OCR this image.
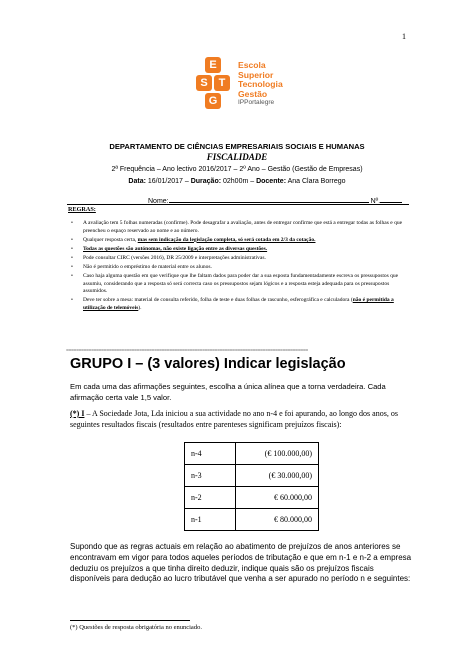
1
E
S T
G
Escola
Superior
Tecnologia
Gestão
IPPortalegre
DEPARTAMENTO DE CIÊNCIAS EMPRESARIAIS SOCIAIS E HUMANAS
FISCALIDADE
2ª Frequência – Ano lectivo 2016/2017 – 2º Ano – Gestão (Gestão de Empresas)
Data: 16/01/2017 – Duração: 02h00m – Docente: Ana Clara Borrego
Nome:	Nº.
REGRAS:
• A avaliação tem 5 folhas numeradas (confirme). Pode desagrafar a avaliação, antes de entregar confirme que está a entregar todas as folhas e que preencheu o espaço reservado ao nome e ao número.
• Qualquer resposta certa, mas sem indicação da legislação completa, só será cotada em 2/3 da cotação.
• Todas as questões são autónomas, não existe ligação entre as diversas questões.
• Pode consultar CIRC (versões 2016), DR 25/2009 e interpretações administrativas.
• Não é permitido o empréstimo de material entre os alunos.
• Caso haja alguma questão em que verifique que lhe faltam dados para poder dar a sua esposta fundamentadamente escreva os pressupostos que assumiu, considerando que a resposta só será correcta caso os pressupostos sejam lógicos e a resposta esteja adequada para os pressupostos assumidos.
• Deve ter sobre a mesa: material de consulta referido, folha de teste e duas folhas de rascunho, esferográfica e calculadora (não é permitida a utilização de telemóveis).
================================================================================================
GRUPO I – (3 valores) Indicar legislação
Em cada uma das afirmações seguintes, escolha a única alínea que a torna verdadeira. Cada afirmação certa vale 1,5 valor.
(*) I – A Sociedade Jota, Lda iniciou a sua actividade no ano n-4 e foi apurando, ao longo dos anos, os seguintes resultados fiscais (resultados entre parenteses significam prejuízos fiscais):
n-4	(€ 100.000,00)
n-3	(€ 30.000,00)
n-2	€ 60.000,00
n-1	€ 80.000,00
Supondo que as regras actuais em relação ao abatimento de prejuízos de anos anteriores se encontravam em vigor para todos aqueles períodos de tributação e que em n-1 e n-2 a empresa deduziu os prejuízos a que tinha direito deduzir, indique quais são os prejuízos fiscais disponíveis para dedução ao lucro tributável que venha a ser apurado no período n e seguintes:
(*) Questões de resposta obrigatória no enunciado.
